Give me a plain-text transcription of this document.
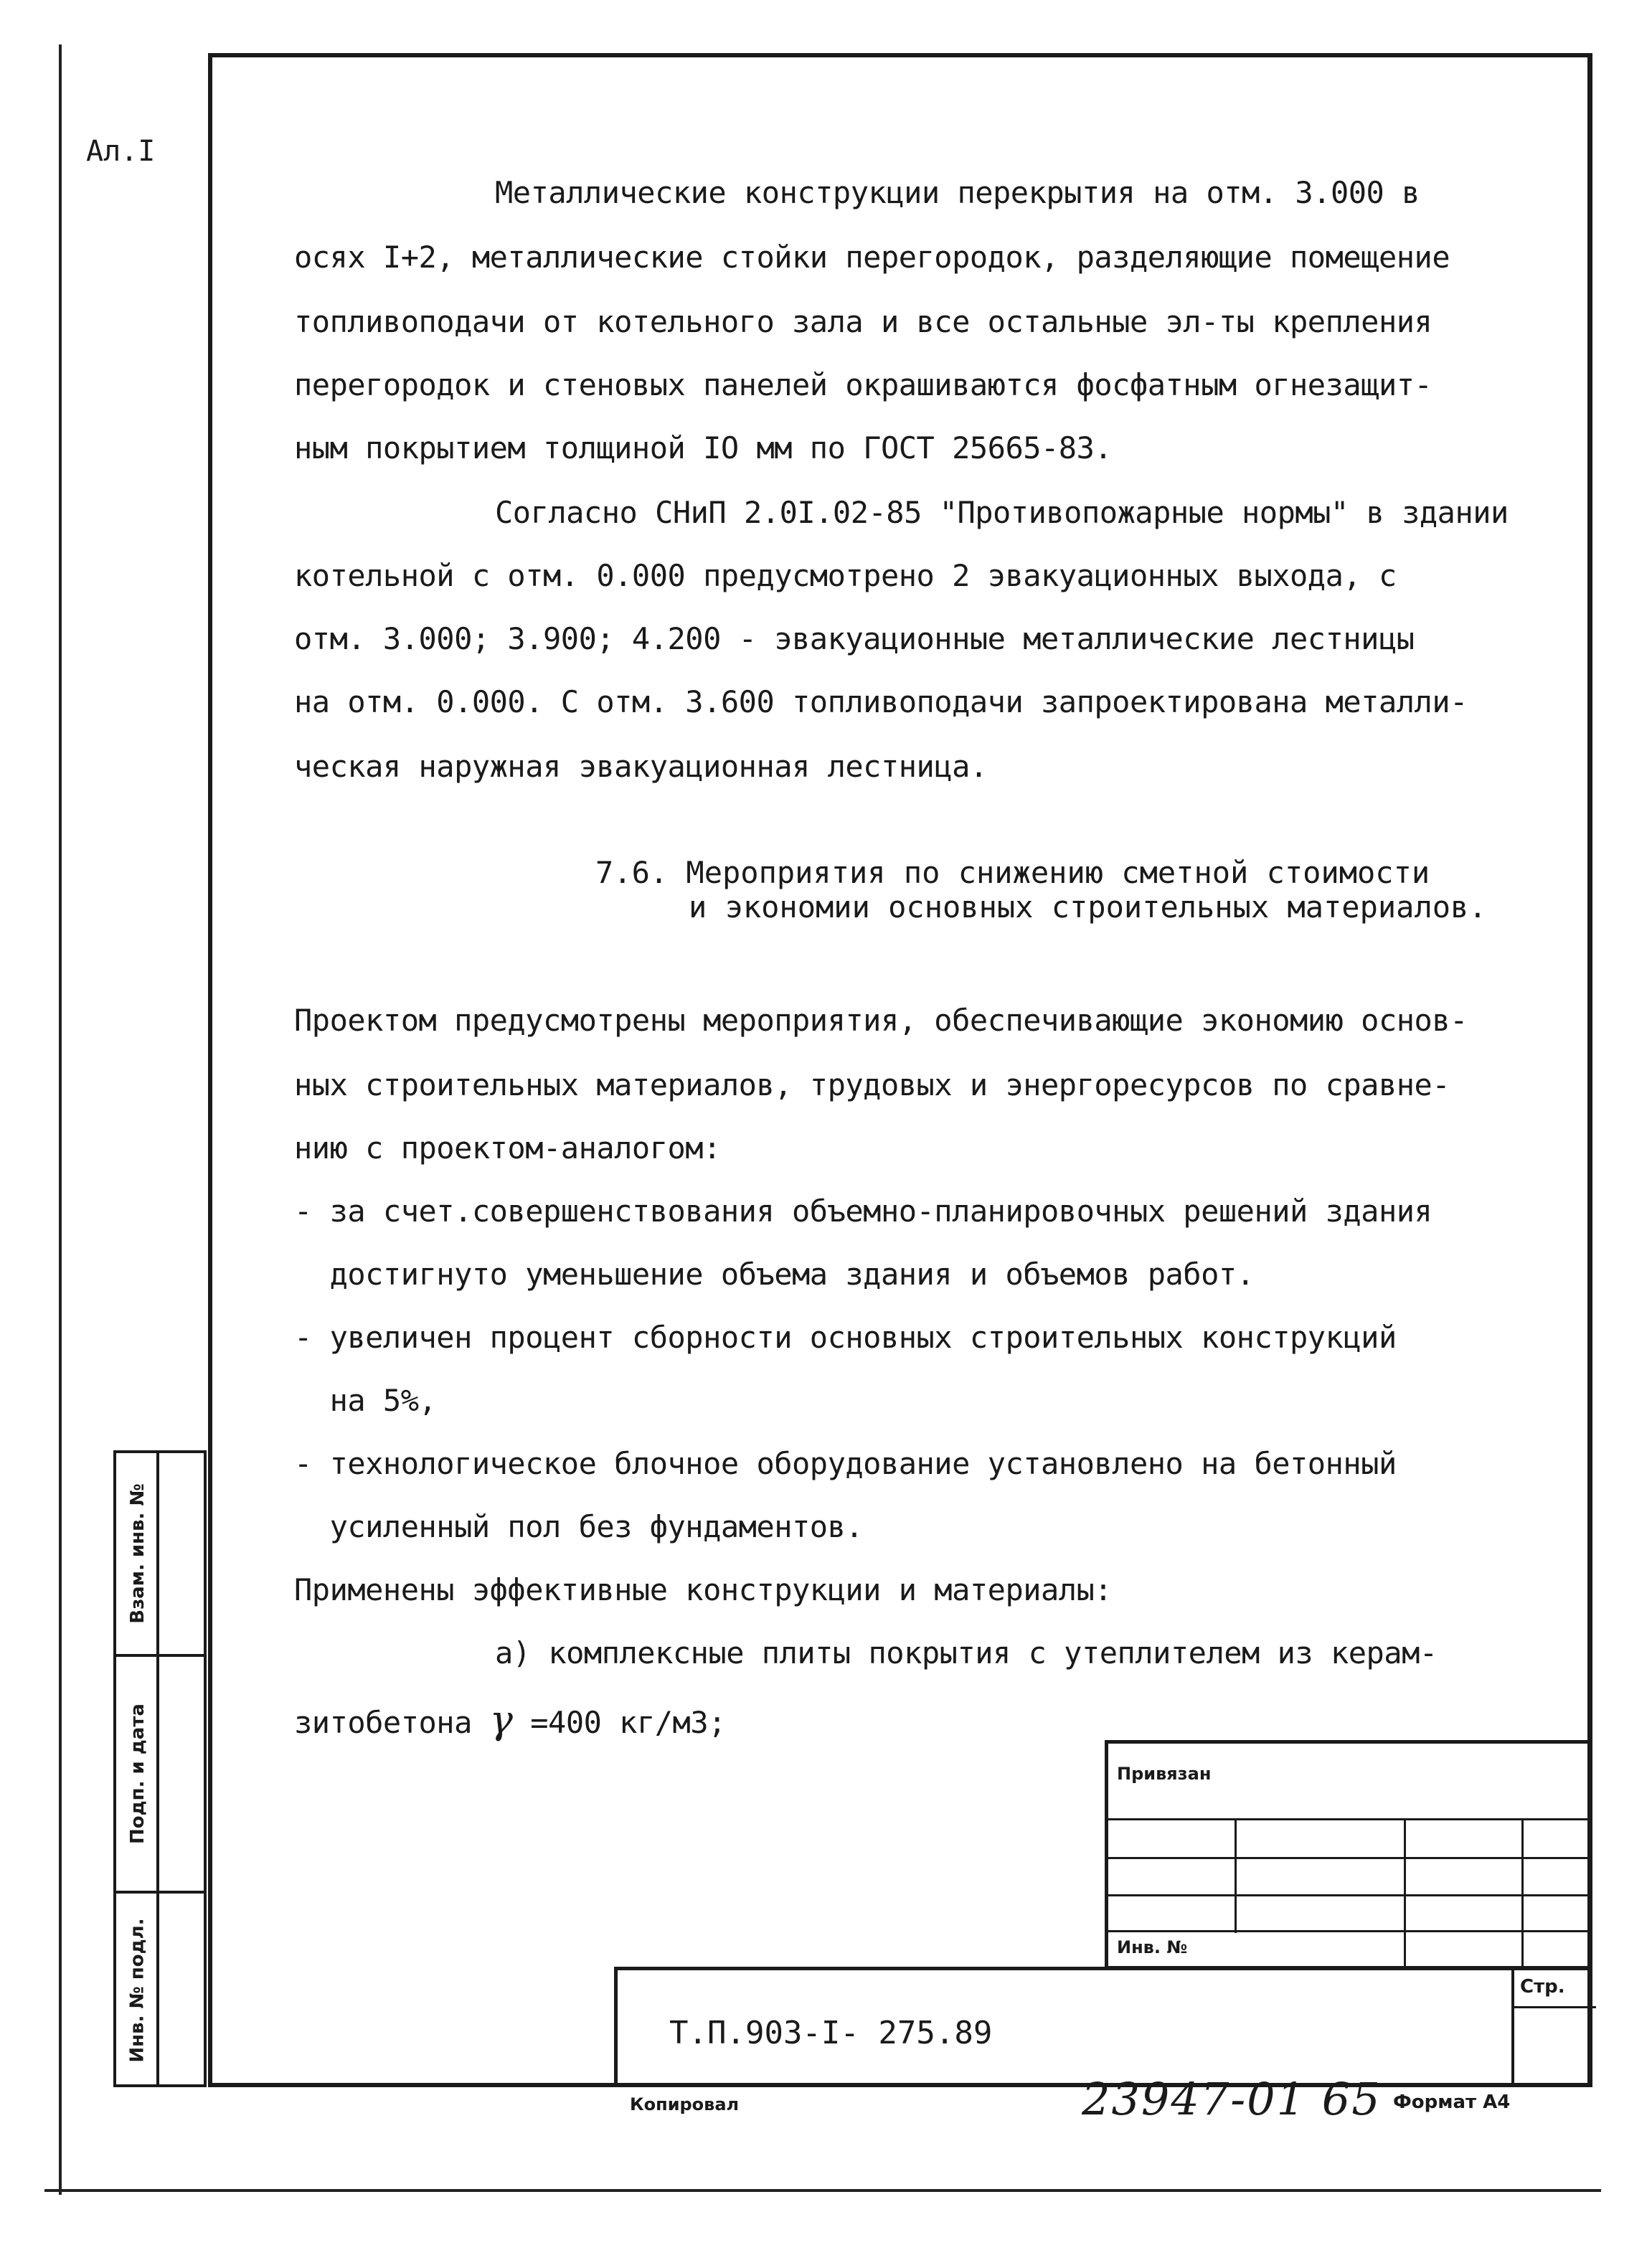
Ал.I
Металлические конструкции перекрытия на отм. 3.000 в
осях I+2, металлические стойки перегородок, разделяющие помещение
топливоподачи от котельного зала и все остальные эл-ты крепления
перегородок и стеновых панелей окрашиваются фосфатным огнезащит-
ным покрытием толщиной IO мм по ГОСТ 25665-83.
Согласно СНиП 2.0I.02-85 "Противопожарные нормы" в здании
котельной с отм. 0.000 предусмотрено 2 эвакуационных выхода, с
отм. 3.000; 3.900; 4.200 - эвакуационные металлические лестницы
на отм. 0.000. С отм. 3.600 топливоподачи запроектирована металли-
ческая наружная эвакуационная лестница.
7.6. Мероприятия по снижению сметной стоимости
и экономии основных строительных материалов.
Проектом предусмотрены мероприятия, обеспечивающие экономию основ-
ных строительных материалов, трудовых и энергоресурсов по сравне-
нию с проектом-аналогом:
- за счет.совершенствования объемно-планировочных решений здания
достигнуто уменьшение объема здания и объемов работ.
- увеличен процент сборности основных строительных конструкций
на 5%,
- технологическое блочное оборудование установлено на бетонный
усиленный пол без фундаментов.
Применены эффективные конструкции и материалы:
а) комплексные плиты покрытия с утеплителем из керам-
зитобетона γ =400 кг/м3;
Взам. инв. №
Подп. и дата
Инв. № подл.
Привязан
Инв. №
Т.П.903-I- 275.89
Стр.
Копировал	23947-01 65 Формат А4
